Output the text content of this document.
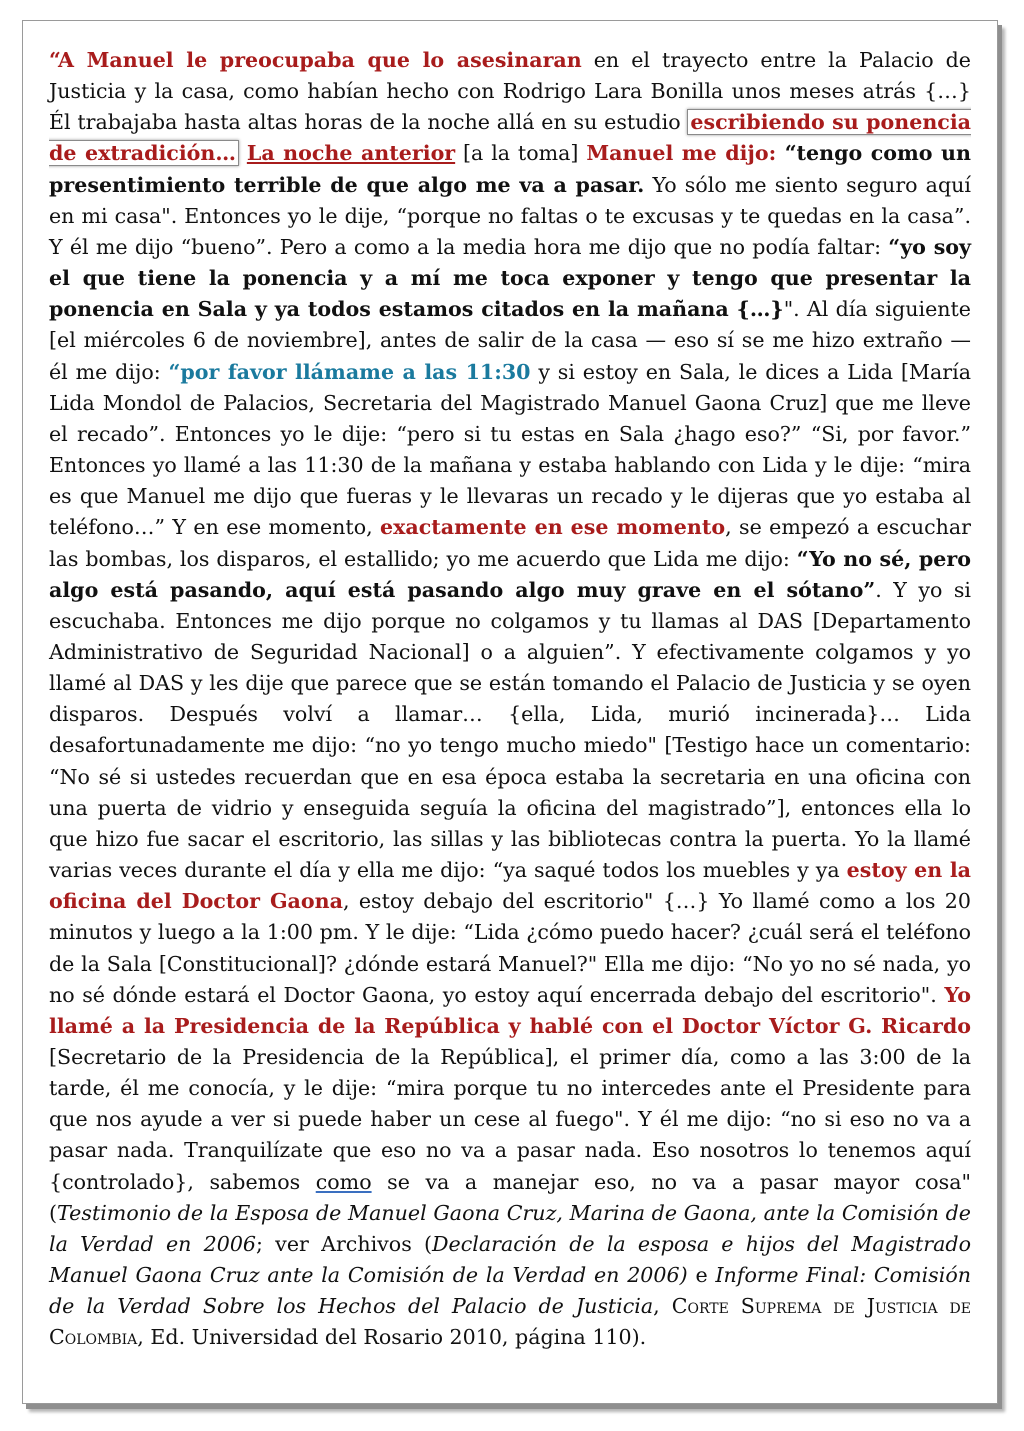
“A Manuel le preocupaba que lo asesinaran en el trayecto entre la Palacio de Justicia y la casa, como habían hecho con Rodrigo Lara Bonilla unos meses atrás {…} Él trabajaba hasta altas horas de la noche allá en su estudio escribiendo su ponencia de extradición… La noche anterior [a la toma] Manuel me dijo: “tengo como un presentimiento terrible de que algo me va a pasar. Yo sólo me siento seguro aquí en mi casa". Entonces yo le dije, “porque no faltas o te excusas y te quedas en la casa”. Y él me dijo “bueno”. Pero a como a la media hora me dijo que no podía faltar: “yo soy el que tiene la ponencia y a mí me toca exponer y tengo que presentar la ponencia en Sala y ya todos estamos citados en la mañana {…}". Al día siguiente [el miércoles 6 de noviembre], antes de salir de la casa — eso sí se me hizo extraño — él me dijo: “por favor llámame a las 11:30 y si estoy en Sala, le dices a Lida [María Lida Mondol de Palacios, Secretaria del Magistrado Manuel Gaona Cruz] que me lleve el recado”. Entonces yo le dije: “pero si tu estas en Sala ¿hago eso?” “Si, por favor.” Entonces yo llamé a las 11:30 de la mañana y estaba hablando con Lida y le dije: “mira es que Manuel me dijo que fueras y le llevaras un recado y le dijeras que yo estaba al teléfono…” Y en ese momento, exactamente en ese momento, se empezó a escuchar las bombas, los disparos, el estallido; yo me acuerdo que Lida me dijo: “Yo no sé, pero algo está pasando, aquí está pasando algo muy grave en el sótano”. Y yo si escuchaba. Entonces me dijo porque no colgamos y tu llamas al DAS [Departamento Administrativo de Seguridad Nacional] o a alguien”. Y efectivamente colgamos y yo llamé al DAS y les dije que parece que se están tomando el Palacio de Justicia y se oyen disparos. Después volví a llamar… {ella, Lida, murió incinerada}… Lida desafortunadamente me dijo: “no yo tengo mucho miedo" [Testigo hace un comentario: “No sé si ustedes recuerdan que en esa época estaba la secretaria en una oficina con una puerta de vidrio y enseguida seguía la oficina del magistrado”], entonces ella lo que hizo fue sacar el escritorio, las sillas y las bibliotecas contra la puerta. Yo la llamé varias veces durante el día y ella me dijo: “ya saqué todos los muebles y ya estoy en la oficina del Doctor Gaona, estoy debajo del escritorio" {…} Yo llamé como a los 20 minutos y luego a la 1:00 pm. Y le dije: “Lida ¿cómo puedo hacer? ¿cuál será el teléfono de la Sala [Constitucional]? ¿dónde estará Manuel?" Ella me dijo: “No yo no sé nada, yo no sé dónde estará el Doctor Gaona, yo estoy aquí encerrada debajo del escritorio". Yo llamé a la Presidencia de la República y hablé con el Doctor Víctor G. Ricardo [Secretario de la Presidencia de la República], el primer día, como a las 3:00 de la tarde, él me conocía, y le dije: “mira porque tu no intercedes ante el Presidente para que nos ayude a ver si puede haber un cese al fuego". Y él me dijo: “no si eso no va a pasar nada. Tranquilízate que eso no va a pasar nada. Eso nosotros lo tenemos aquí {controlado}, sabemos como se va a manejar eso, no va a pasar mayor cosa" (Testimonio de la Esposa de Manuel Gaona Cruz, Marina de Gaona, ante la Comisión de la Verdad en 2006; ver Archivos (Declaración de la esposa e hijos del Magistrado Manuel Gaona Cruz ante la Comisión de la Verdad en 2006) e Informe Final: Comisión de la Verdad Sobre los Hechos del Palacio de Justicia, Corte Suprema de Justicia de Colombia, Ed. Universidad del Rosario 2010, página 110).
